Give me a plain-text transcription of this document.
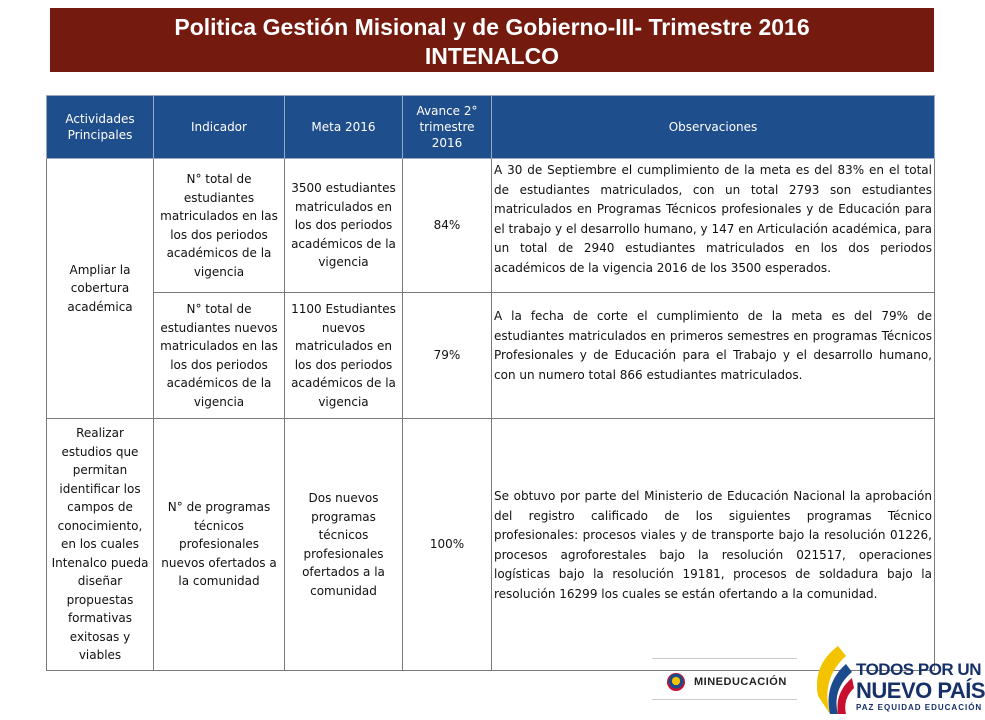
Politica Gestión Misional y de Gobierno-III- Trimestre 2016
INTENALCO
Actividades Principales	Indicador	Meta 2016	Avance 2° trimestre 2016	Observaciones
Ampliar la cobertura académica	N° total de estudiantes matriculados en las los dos periodos académicos de la vigencia	3500 estudiantes matriculados en los dos periodos académicos de la vigencia	84%	A 30 de Septiembre el cumplimiento de la meta es del 83% en el total de estudiantes matriculados, con un total 2793 son estudiantes matriculados en Programas Técnicos profesionales y de Educación para el trabajo y el desarrollo humano, y 147 en Articulación académica, para un total de 2940 estudiantes matriculados en los dos periodos académicos de la vigencia 2016 de los 3500 esperados.
	N° total de estudiantes nuevos matriculados en las los dos periodos académicos de la vigencia	1100 Estudiantes nuevos matriculados en los dos periodos académicos de la vigencia	79%	A la fecha de corte el cumplimiento de la meta es del 79% de estudiantes matriculados en primeros semestres en programas Técnicos Profesionales y de Educación para el Trabajo y el desarrollo humano, con un numero total 866 estudiantes matriculados.
Realizar estudios que permitan identificar los campos de conocimiento, en los cuales Intenalco pueda diseñar propuestas formativas exitosas y viables	N° de programas técnicos profesionales nuevos ofertados a la comunidad	Dos nuevos programas técnicos profesionales ofertados a la comunidad	100%	Se obtuvo por parte del Ministerio de Educación Nacional la aprobación del registro calificado de los siguientes programas Técnico profesionales: procesos viales y de transporte bajo la resolución 01226, procesos agroforestales bajo la resolución 021517, operaciones logísticas bajo la resolución 19181, procesos de soldadura bajo la resolución 16299 los cuales se están ofertando a la comunidad.
MINEDUCACIÓN
TODOS POR UN
NUEVO PAÍS
PAZ EQUIDAD EDUCACIÓN
